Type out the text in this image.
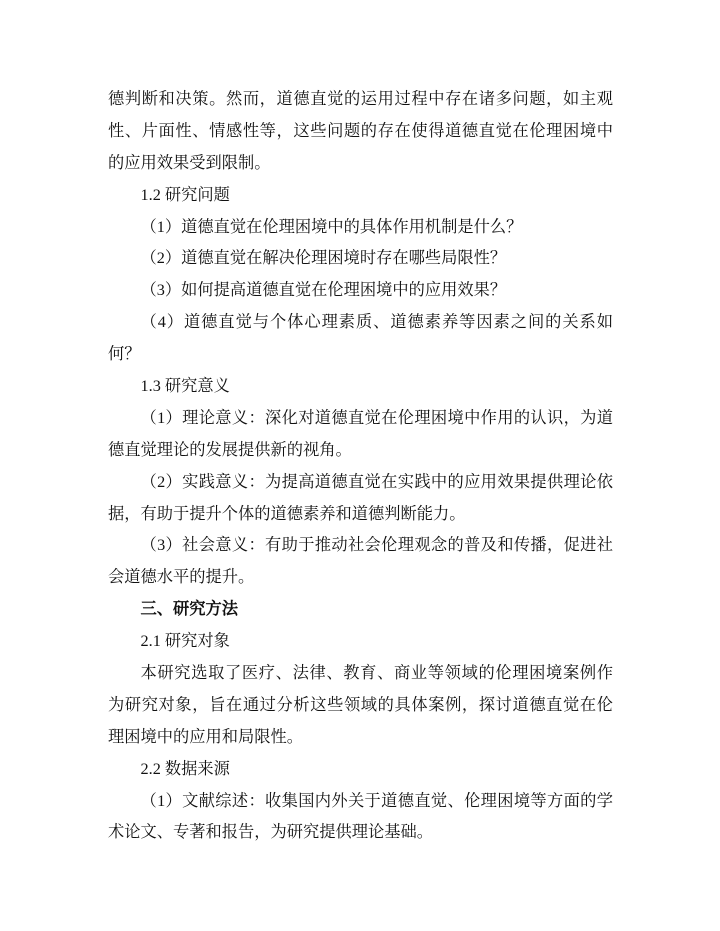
德判断和决策。然而，道德直觉的运用过程中存在诸多问题，如主观
性、片面性、情感性等，这些问题的存在使得道德直觉在伦理困境中
的应用效果受到限制。
1.2 研究问题
（1）道德直觉在伦理困境中的具体作用机制是什么？
（2）道德直觉在解决伦理困境时存在哪些局限性？
（3）如何提高道德直觉在伦理困境中的应用效果？
（4）道德直觉与个体心理素质、道德素养等因素之间的关系如
何？
1.3 研究意义
（1）理论意义：深化对道德直觉在伦理困境中作用的认识，为道
德直觉理论的发展提供新的视角。
（2）实践意义：为提高道德直觉在实践中的应用效果提供理论依
据，有助于提升个体的道德素养和道德判断能力。
（3）社会意义：有助于推动社会伦理观念的普及和传播，促进社
会道德水平的提升。
三、研究方法
2.1 研究对象
本研究选取了医疗、法律、教育、商业等领域的伦理困境案例作
为研究对象，旨在通过分析这些领域的具体案例，探讨道德直觉在伦
理困境中的应用和局限性。
2.2 数据来源
（1）文献综述：收集国内外关于道德直觉、伦理困境等方面的学
术论文、专著和报告，为研究提供理论基础。
